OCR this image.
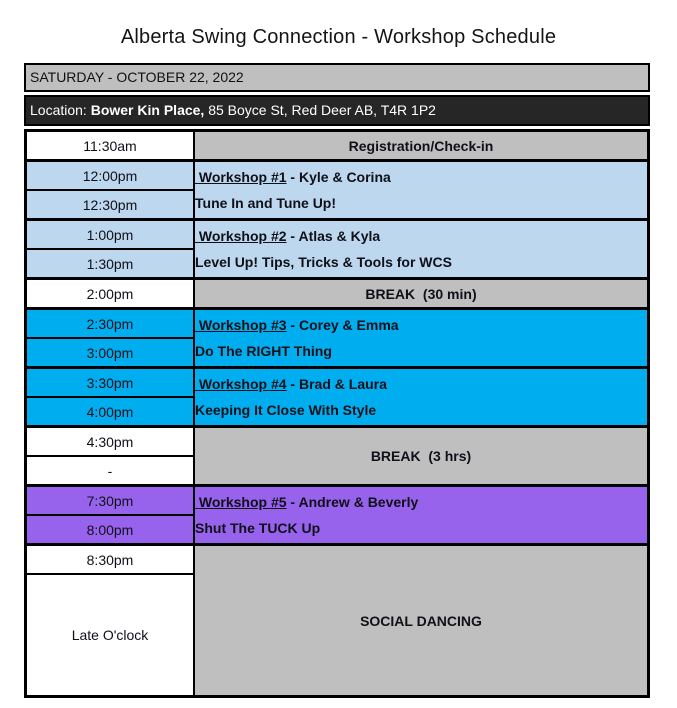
Alberta Swing Connection - Workshop Schedule
SATURDAY - OCTOBER 22, 2022
Location: Bower Kin Place, 85 Boyce St, Red Deer AB, T4R 1P2
11:30am	Registration/Check-in
12:00pm	Workshop #1 - Kyle & Corina
Tune In and Tune Up!

12:30pm	
1:00pm	Workshop #2 - Atlas & Kyla
Level Up! Tips, Tricks & Tools for WCS

1:30pm	
2:00pm	BREAK  (30 min)
2:30pm	Workshop #3 - Corey & Emma
Do The RIGHT Thing

3:00pm	
3:30pm	Workshop #4 - Brad & Laura
Keeping It Close With Style

4:00pm	
4:30pm	BREAK  (3 hrs)
-	
7:30pm	Workshop #5 - Andrew & Beverly
Shut The TUCK Up

8:00pm	
8:30pm	SOCIAL DANCING
Late O'clock	
